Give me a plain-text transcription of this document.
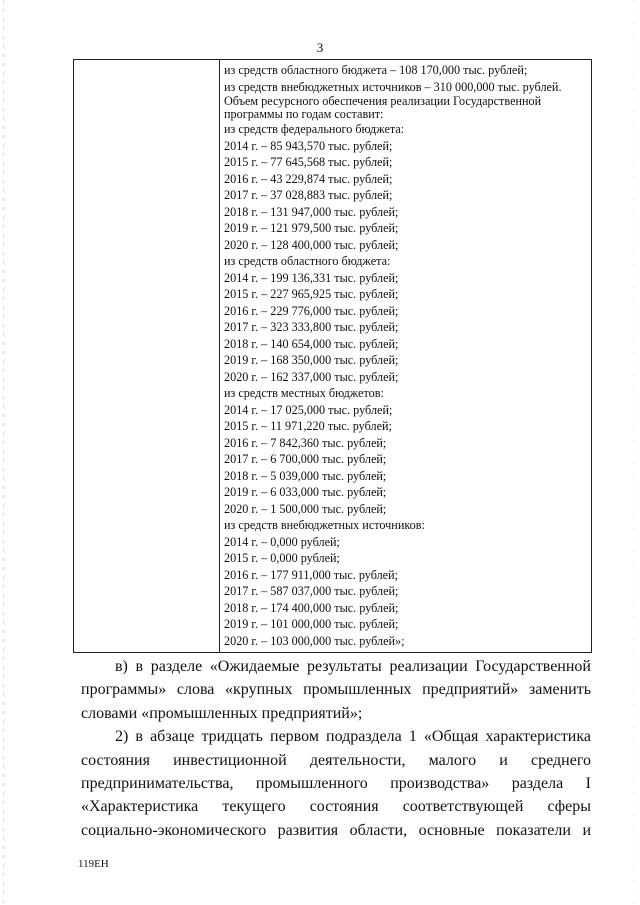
3
из средств областного бюджета – 108 170,000 тыс. рублей;
из средств внебюджетных источников – 310 000,000 тыс. рублей.
Объем ресурсного обеспечения реализации Государственной программы по годам составит:
из средств федерального бюджета:
2014 г. – 85 943,570 тыс. рублей;
2015 г. – 77 645,568 тыс. рублей;
2016 г. – 43 229,874 тыс. рублей;
2017 г. – 37 028,883 тыс. рублей;
2018 г. – 131 947,000 тыс. рублей;
2019 г. – 121 979,500 тыс. рублей;
2020 г. – 128 400,000 тыс. рублей;
из средств областного бюджета:
2014 г. – 199 136,331 тыс. рублей;
2015 г. – 227 965,925 тыс. рублей;
2016 г. – 229 776,000 тыс. рублей;
2017 г. – 323 333,800 тыс. рублей;
2018 г. – 140 654,000 тыс. рублей;
2019 г. – 168 350,000 тыс. рублей;
2020 г. – 162 337,000 тыс. рублей;
из средств местных бюджетов:
2014 г. – 17 025,000 тыс. рублей;
2015 г. – 11 971,220 тыс. рублей;
2016 г. – 7 842,360 тыс. рублей;
2017 г. – 6 700,000 тыс. рублей;
2018 г. – 5 039,000 тыс. рублей;
2019 г. – 6 033,000 тыс. рублей;
2020 г. – 1 500,000 тыс. рублей;
из средств внебюджетных источников:
2014 г. – 0,000 рублей;
2015 г. – 0,000 рублей;
2016 г. – 177 911,000 тыс. рублей;
2017 г. – 587 037,000 тыс. рублей;
2018 г. – 174 400,000 тыс. рублей;
2019 г. – 101 000,000 тыс. рублей;
2020 г. – 103 000,000 тыс. рублей»;
в) в разделе «Ожидаемые результаты реализации Государственной
программы» слова «крупных промышленных предприятий» заменить
словами «промышленных предприятий»;
2) в абзаце тридцать первом подраздела 1 «Общая характеристика
состояния инвестиционной деятельности, малого и среднего
предпринимательства, промышленного производства» раздела I
«Характеристика текущего состояния соответствующей сферы
социально-экономического развития области, основные показатели и
119ЕН
